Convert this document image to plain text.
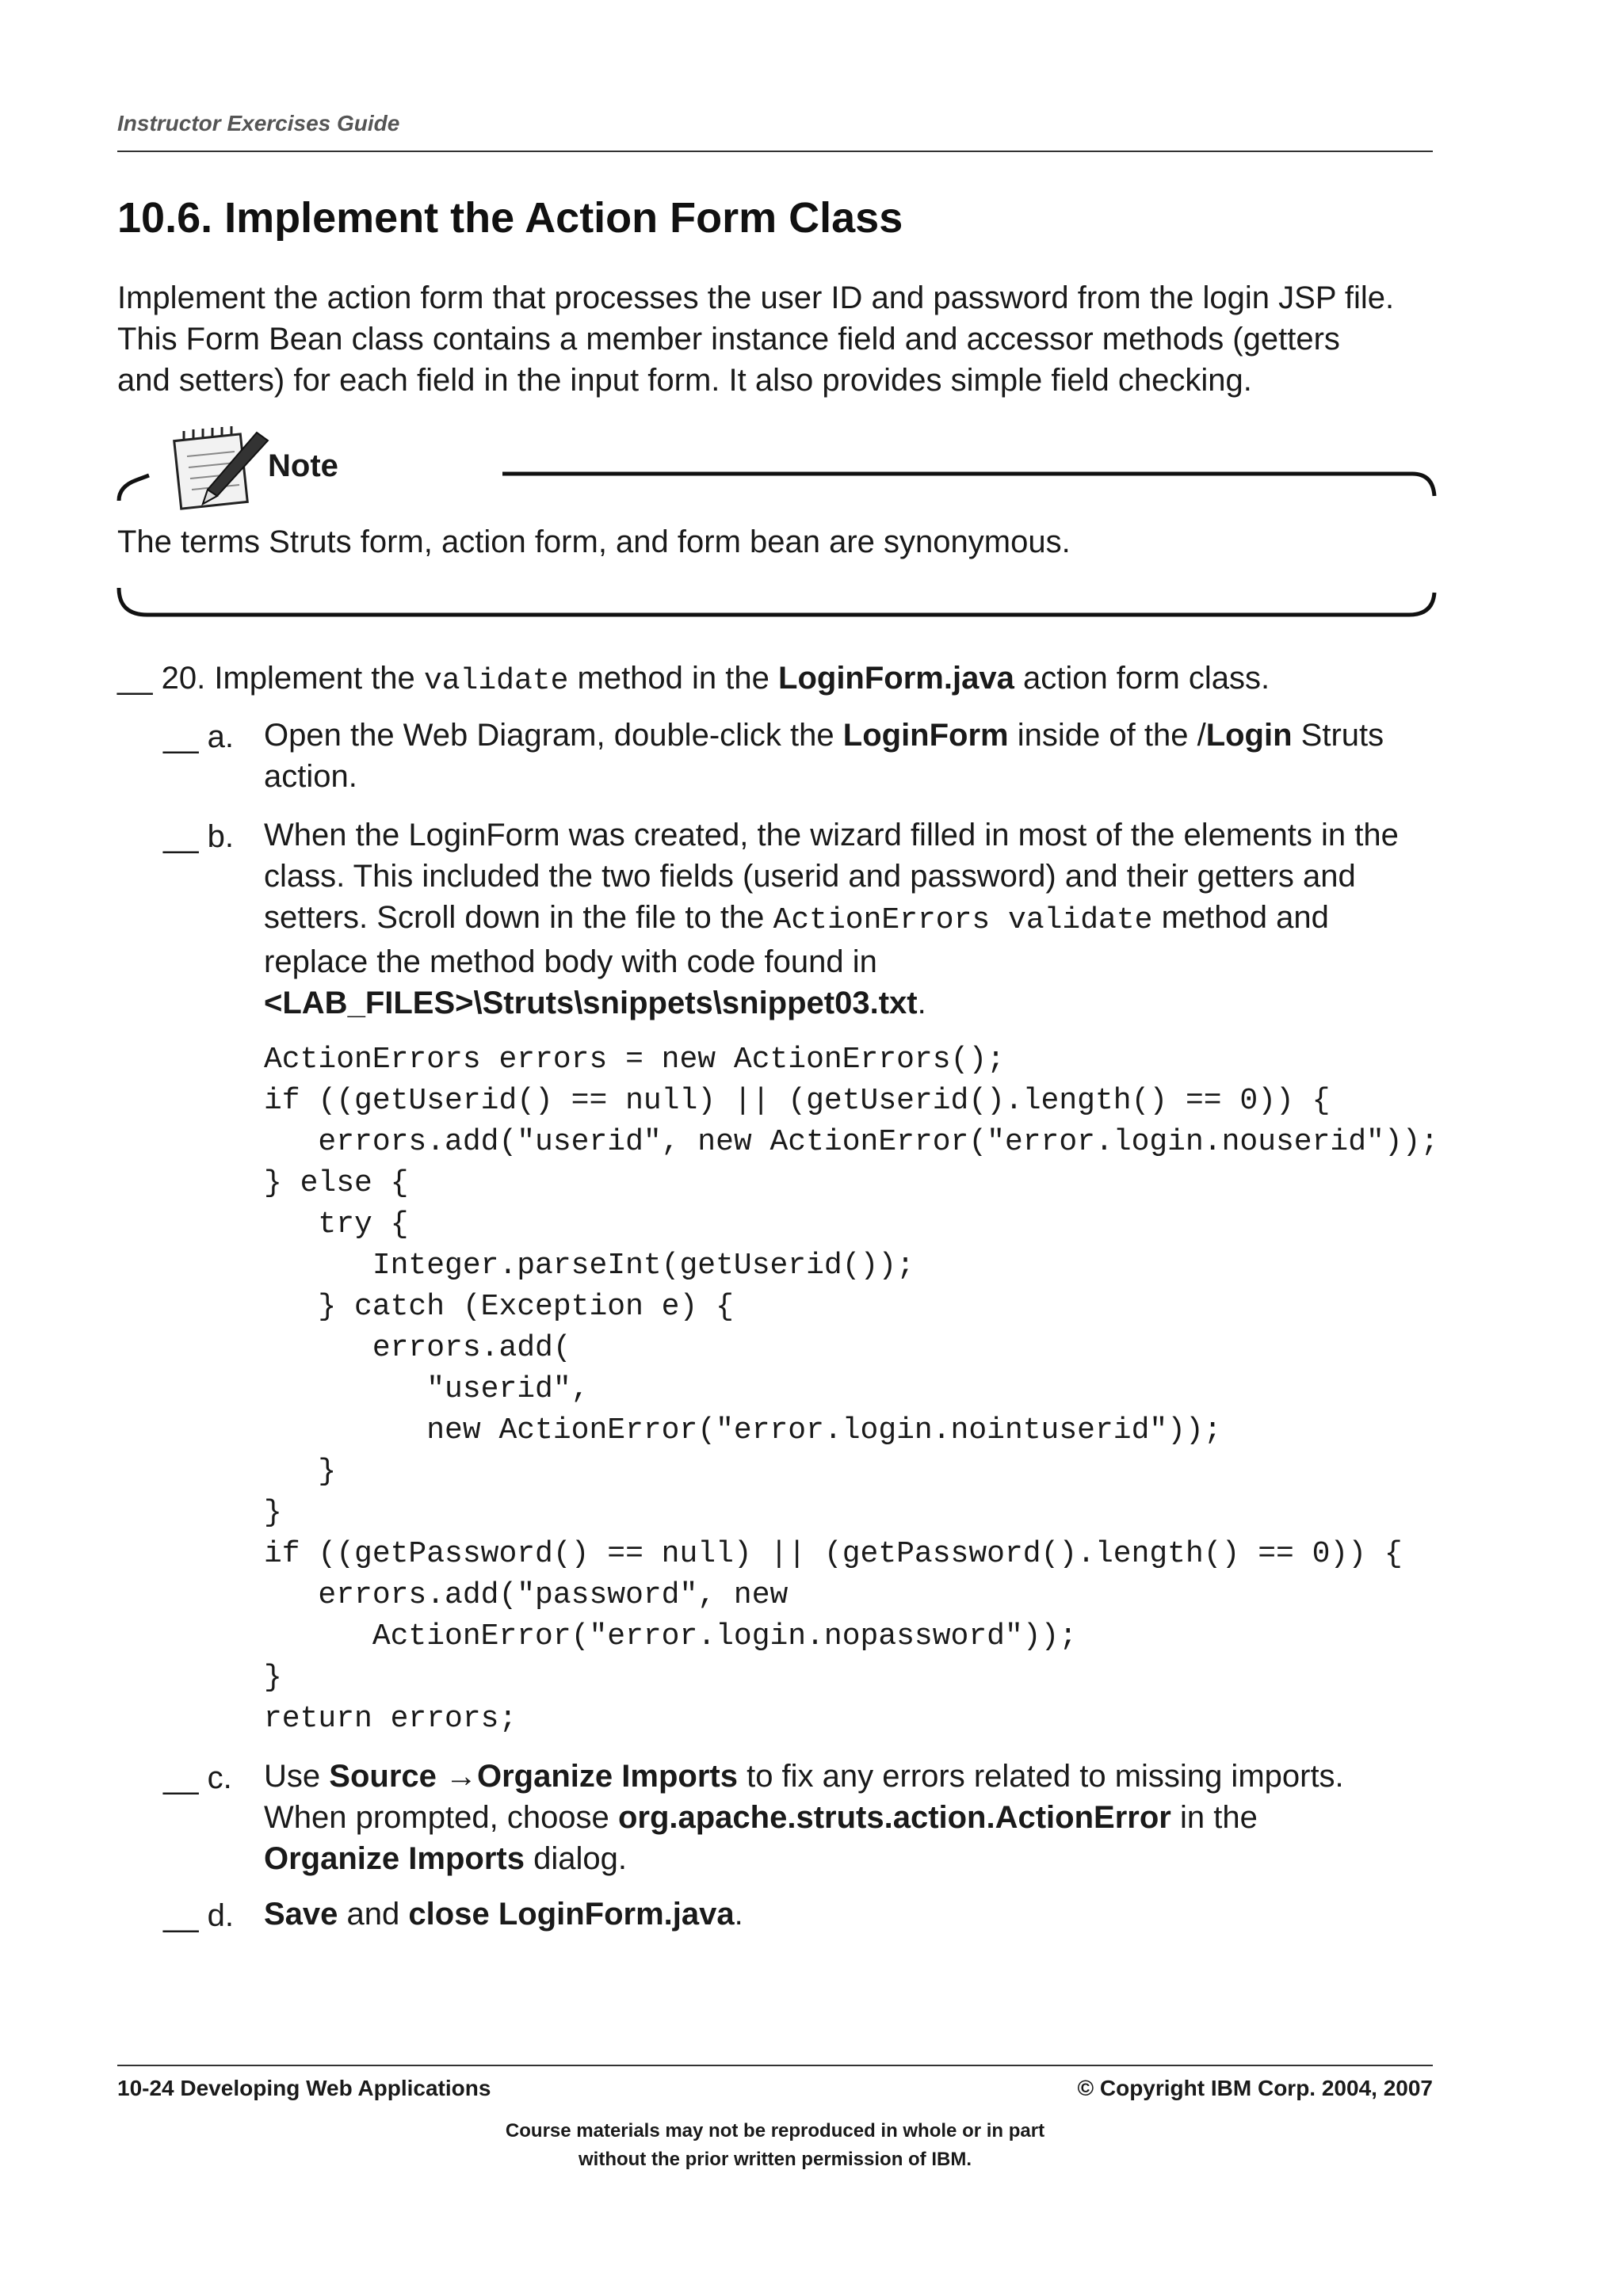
Instructor Exercises Guide
10.6. Implement the Action Form Class
Implement the action form that processes the user ID and password from the login JSP file.
This Form Bean class contains a member instance field and accessor methods (getters
and setters) for each field in the input form. It also provides simple field checking.
Note
The terms Struts form, action form, and form bean are synonymous.
__ 20. Implement the validate method in the LoginForm.java action form class.
__ a. Open the Web Diagram, double-click the LoginForm inside of the /Login Struts
action.
__ b. When the LoginForm was created, the wizard filled in most of the elements in the
class. This included the two fields (userid and password) and their getters and
setters. Scroll down in the file to the ActionErrors validate method and
replace the method body with code found in
<LAB_FILES>\Struts\snippets\snippet03.txt.
ActionErrors errors = new ActionErrors();
if ((getUserid() == null) || (getUserid().length() == 0)) {
errors.add("userid", new ActionError("error.login.nouserid"));
} else {
try {
Integer.parseInt(getUserid());
} catch (Exception e) {
errors.add(
"userid",
new ActionError("error.login.nointuserid"));
}
}
if ((getPassword() == null) || (getPassword().length() == 0)) {
errors.add("password", new
ActionError("error.login.nopassword"));
}
return errors;
__ c. Use Source →Organize Imports to fix any errors related to missing imports.
When prompted, choose org.apache.struts.action.ActionError in the
Organize Imports dialog.
__ d. Save and close LoginForm.java.
10-24 Developing Web Applications	© Copyright IBM Corp. 2004, 2007
Course materials may not be reproduced in whole or in part
without the prior written permission of IBM.
